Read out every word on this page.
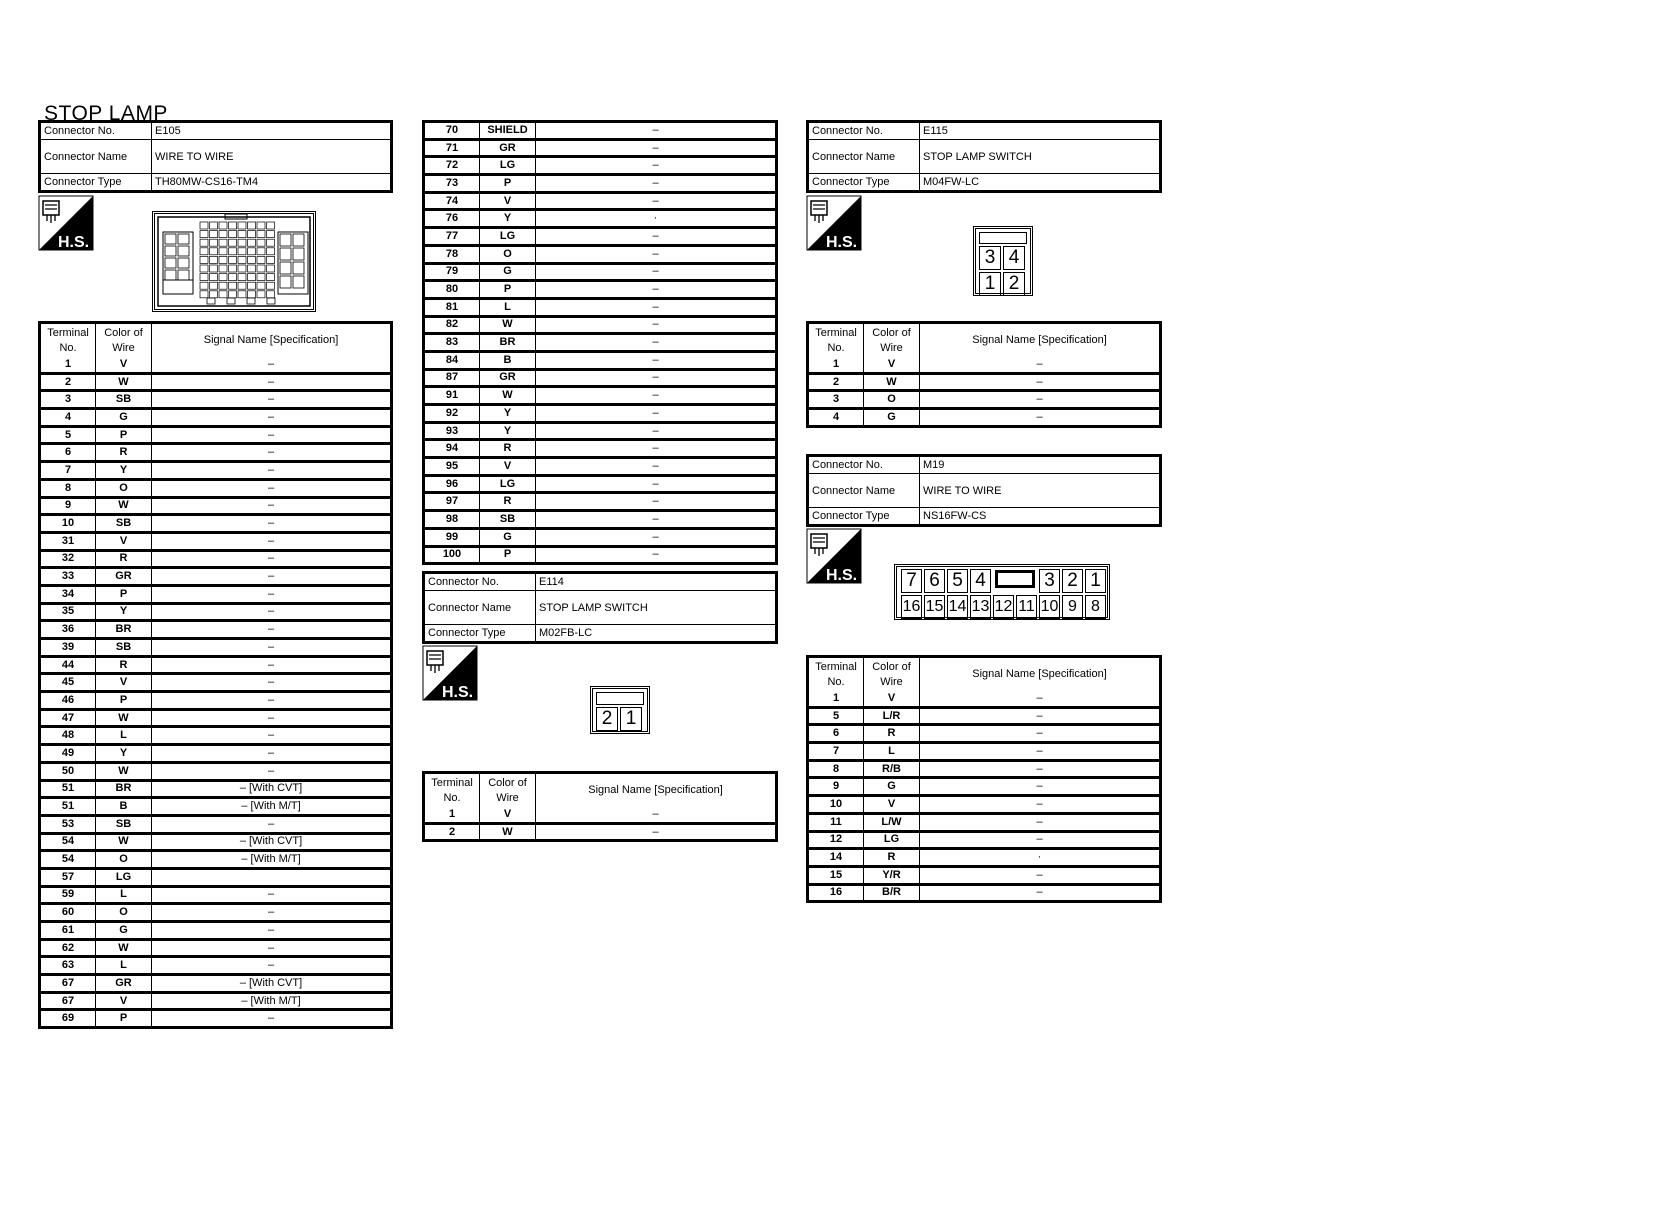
STOP LAMP
Connector No.	E105
Connector Name	WIRE TO WIRE
Connector Type	TH80MW-CS16-TM4
H.S.
Terminal No.	Color of Wire	Signal Name [Specification]
1	V	–
2	W	–
3	SB	–
4	G	–
5	P	–
6	R	–
7	Y	–
8	O	–
9	W	–
10	SB	–
31	V	–
32	R	–
33	GR	–
34	P	–
35	Y	–
36	BR	–
39	SB	–
44	R	–
45	V	–
46	P	–
47	W	–
48	L	–
49	Y	–
50	W	–
51	BR	– [With CVT]
51	B	– [With M/T]
53	SB	–
54	W	– [With CVT]
54	O	– [With M/T]
57	LG	
59	L	–
60	O	–
61	G	–
62	W	–
63	L	–
67	GR	– [With CVT]
67	V	– [With M/T]
69	P	–
70	SHIELD	–
71	GR	–
72	LG	–
73	P	–
74	V	–
76	Y	·
77	LG	–
78	O	–
79	G	–
80	P	–
81	L	–
82	W	–
83	BR	–
84	B	–
87	GR	–
91	W	–
92	Y	–
93	Y	–
94	R	–
95	V	–
96	LG	–
97	R	–
98	SB	–
99	G	–
100	P	–
Connector No.	E114
Connector Name	STOP LAMP SWITCH
Connector Type	M02FB-LC
H.S.
2 1
Terminal No.	Color of Wire	Signal Name [Specification]
1	V	–
2	W	–
Connector No.	E115
Connector Name	STOP LAMP SWITCH
Connector Type	M04FW-LC
H.S.
3 4
1 2
Terminal No.	Color of Wire	Signal Name [Specification]
1	V	–
2	W	–
3	O	–
4	G	–
Connector No.	M19
Connector Name	WIRE TO WIRE
Connector Type	NS16FW-CS
H.S.	7 6 5 4	3 2 1
16 15 14 13 12 11 10 9 8
Terminal No.	Color of Wire	Signal Name [Specification]
1	V	–
5	L/R	–
6	R	–
7	L	–
8	R/B	–
9	G	–
10	V	–
11	L/W	–
12	LG	–
14	R	·
15	Y/R	–
16	B/R	–
